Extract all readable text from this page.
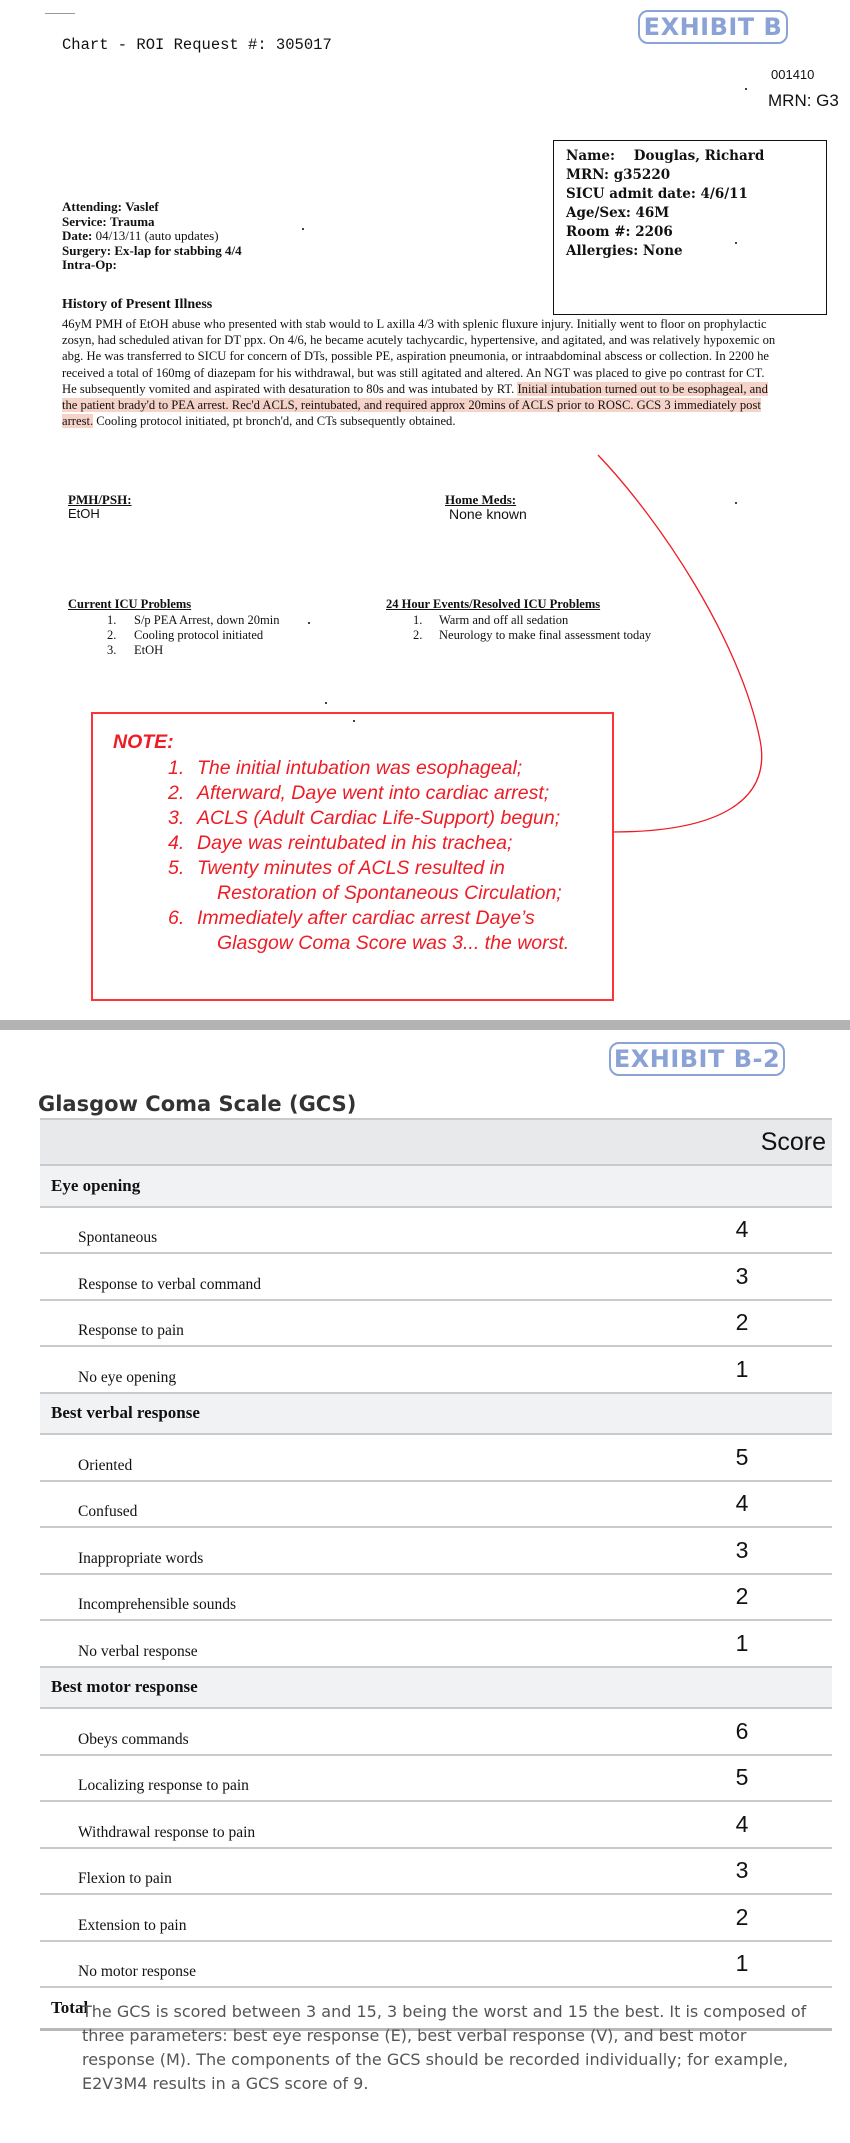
EXHIBIT B
Chart - ROI Request #: 305017
001410
MRN: G3
Name: Douglas, Richard
MRN: g35220
SICU admit date: 4/6/11
Age/Sex: 46M
Room #: 2206
Allergies: None
Attending: Vaslef
Service: Trauma
Date: 04/13/11 (auto updates)
Surgery: Ex-lap for stabbing 4/4
Intra-Op:
History of Present Illness
46yM PMH of EtOH abuse who presented with stab would to L axilla 4/3 with splenic fluxure injury. Initially went to floor on prophylactic zosyn, had scheduled ativan for DT ppx. On 4/6, he became acutely tachycardic, hypertensive, and agitated, and was relatively hypoxemic on abg. He was transferred to SICU for concern of DTs, possible PE, aspiration pneumonia, or intraabdominal abscess or collection. In 2200 he received a total of 160mg of diazepam for his withdrawal, but was still agitated and altered. An NGT was placed to give po contrast for CT. He subsequently vomited and aspirated with desaturation to 80s and was intubated by RT. Initial intubation turned out to be esophageal, and the patient brady'd to PEA arrest. Rec'd ACLS, reintubated, and required approx 20mins of ACLS prior to ROSC. GCS 3 immediately post arrest. Cooling protocol initiated, pt bronch'd, and CTs subsequently obtained.
PMH/PSH:
EtOH
Home Meds:
None known
Current ICU Problems
1. S/p PEA Arrest, down 20min
2. Cooling protocol initiated
3. EtOH
24 Hour Events/Resolved ICU Problems
1. Warm and off all sedation
2. Neurology to make final assessment today
NOTE:
1. The initial intubation was esophageal;
2. Afterward, Daye went into cardiac arrest;
3. ACLS (Adult Cardiac Life-Support) begun;
4. Daye was reintubated in his trachea;
5. Twenty minutes of ACLS resulted in
Restoration of Spontaneous Circulation;
6. Immediately after cardiac arrest Daye’s
Glasgow Coma Score was 3... the worst.
EXHIBIT B-2
Glasgow Coma Scale (GCS)
	Score
Eye opening	
Spontaneous	4
Response to verbal command	3
Response to pain	2
No eye opening	1
Best verbal response	
Oriented	5
Confused	4
Inappropriate words	3
Incomprehensible sounds	2
No verbal response	1
Best motor response	
Obeys commands	6
Localizing response to pain	5
Withdrawal response to pain	4
Flexion to pain	3
Extension to pain	2
No motor response	1
Total	
The GCS is scored between 3 and 15, 3 being the worst and 15 the best. It is composed of three parameters: best eye response (E), best verbal response (V), and best motor response (M). The components of the GCS should be recorded individually; for example, E2V3M4 results in a GCS score of 9.
